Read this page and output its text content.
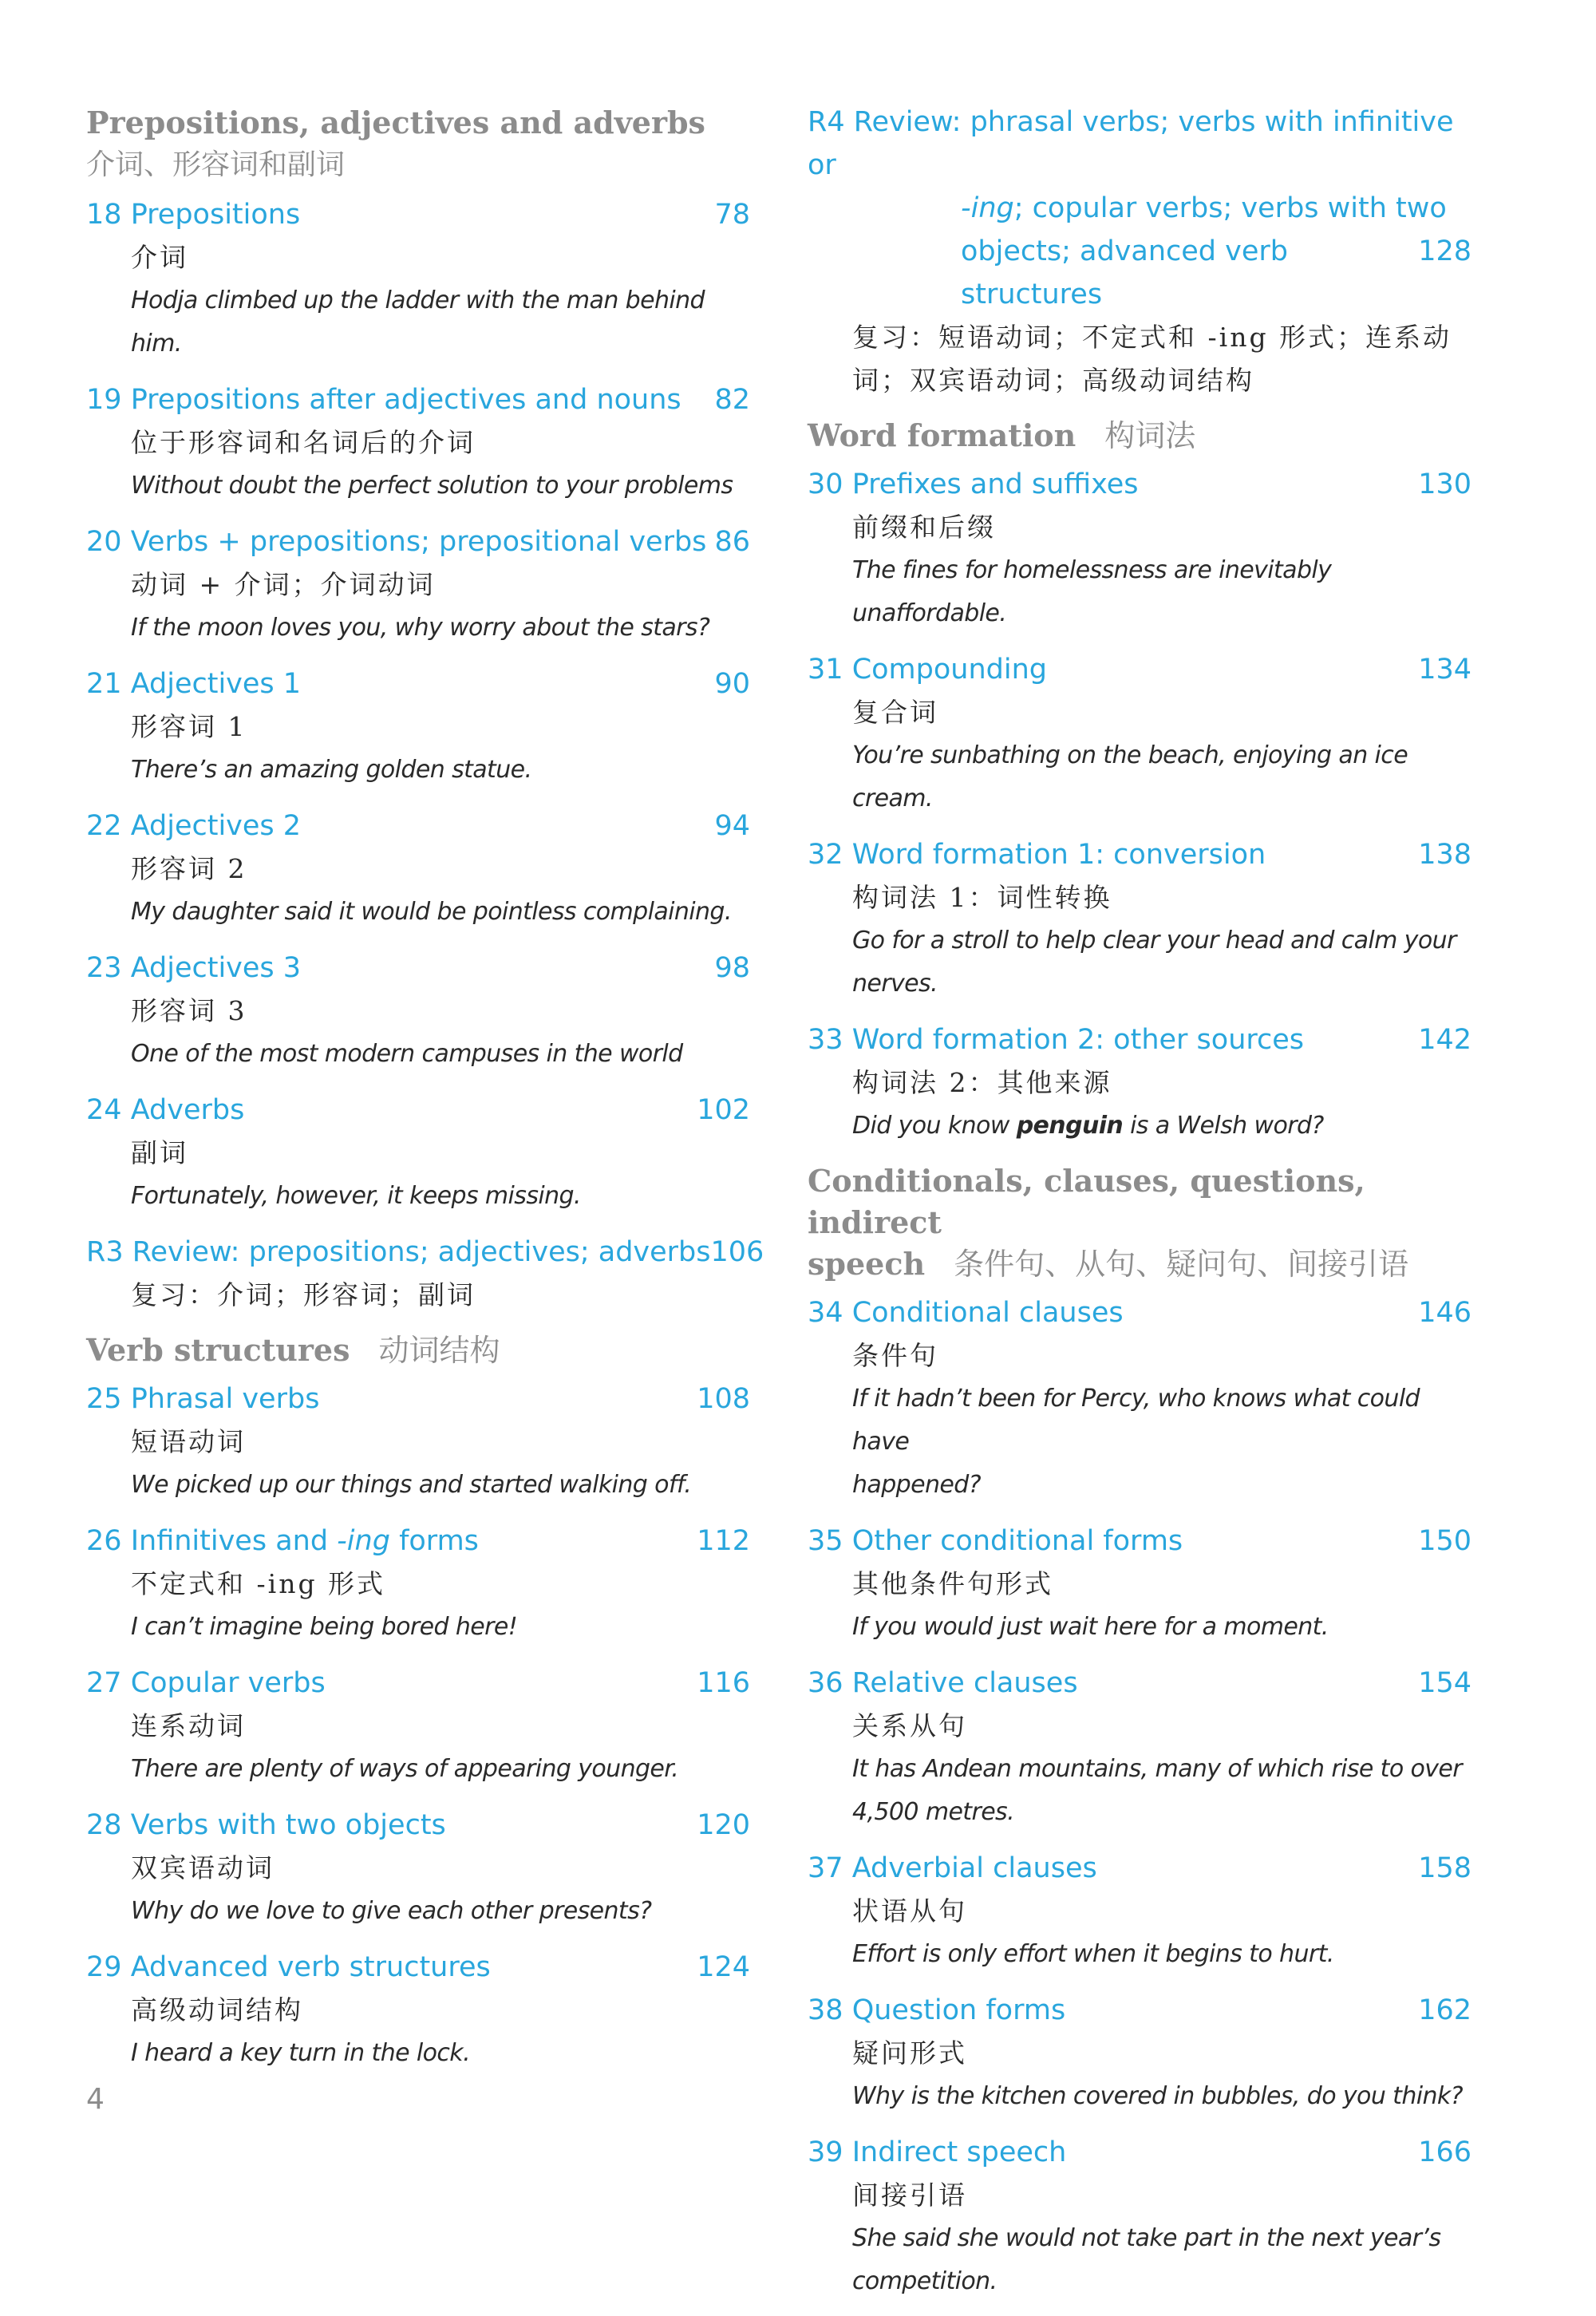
Prepositions, adjectives and adverbs
介词、形容词和副词
18 Prepositions	78
介词
Hodja climbed up the ladder with the man behind him.
19 Prepositions after adjectives and nouns 82
位于形容词和名词后的介词
Without doubt the perfect solution to your problems
20 Verbs + prepositions; prepositional verbs 86
动词 + 介词；介词动词
If the moon loves you, why worry about the stars?
21 Adjectives 1	90
形容词 1
There’s an amazing golden statue.
22 Adjectives 2	94
形容词 2
My daughter said it would be pointless complaining.
23 Adjectives 3	98
形容词 3
One of the most modern campuses in the world
24 Adverbs	102
副词
Fortunately, however, it keeps missing.
R3 Review: prepositions; adjectives; adverbs 106
复习：介词；形容词；副词
Verb structures 动词结构
25 Phrasal verbs	108
短语动词
We picked up our things and started walking off.
26 Infinitives and -ing forms	112
不定式和 -ing 形式
I can’t imagine being bored here!
27 Copular verbs	116
连系动词
There are plenty of ways of appearing younger.
28 Verbs with two objects	120
双宾语动词
Why do we love to give each other presents?
29 Advanced verb structures	124
高级动词结构
I heard a key turn in the lock.
R4 Review: phrasal verbs; verbs with infinitive or
-ing; copular verbs; verbs with two
objects; advanced verb structures
128
复习：短语动词；不定式和 -ing 形式；连系动
词；双宾语动词；高级动词结构
Word formation 构词法
30 Prefixes and suffixes	130
前缀和后缀
The fines for homelessness are inevitably unaffordable.
31 Compounding	134
复合词
You’re sunbathing on the beach, enjoying an ice cream.
32 Word formation 1: conversion	138
构词法 1：词性转换
Go for a stroll to help clear your head and calm your
nerves.
33 Word formation 2: other sources	142
构词法 2：其他来源
Did you know penguin is a Welsh word?
Conditionals, clauses, questions, indirect
speech 条件句、从句、疑问句、间接引语
34 Conditional clauses	146
条件句
If it hadn’t been for Percy, who knows what could have
happened?
35 Other conditional forms	150
其他条件句形式
If you would just wait here for a moment.
36 Relative clauses	154
关系从句
It has Andean mountains, many of which rise to over
4,500 metres.
37 Adverbial clauses	158
状语从句
Effort is only effort when it begins to hurt.
38 Question forms	162
疑问形式
Why is the kitchen covered in bubbles, do you think?
39 Indirect speech	166
间接引语
She said she would not take part in the next year’s
competition.
4
